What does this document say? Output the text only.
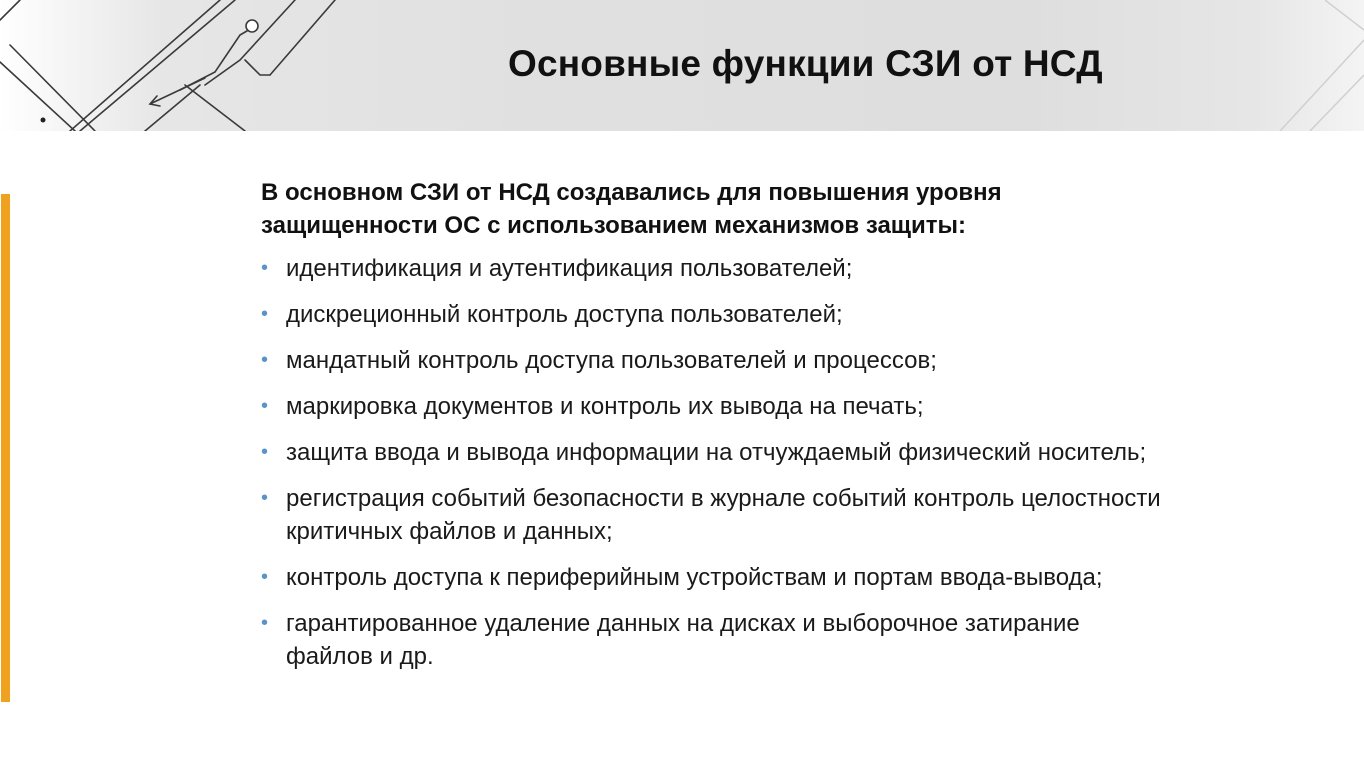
Основные функции СЗИ от НСД

В основном СЗИ от НСД создавались для повышения уровня защищенности ОС с использованием механизмов защиты:

• идентификация и аутентификация пользователей;
• дискреционный контроль доступа пользователей;
• мандатный контроль доступа пользователей и процессов;
• маркировка документов и контроль их вывода на печать;
• защита ввода и вывода информации на отчуждаемый физический носитель;
• регистрация событий безопасности в журнале событий контроль целостности критичных файлов и данных;
• контроль доступа к периферийным устройствам и портам ввода-вывода;
• гарантированное удаление данных на дисках и выборочное затирание файлов и др.
